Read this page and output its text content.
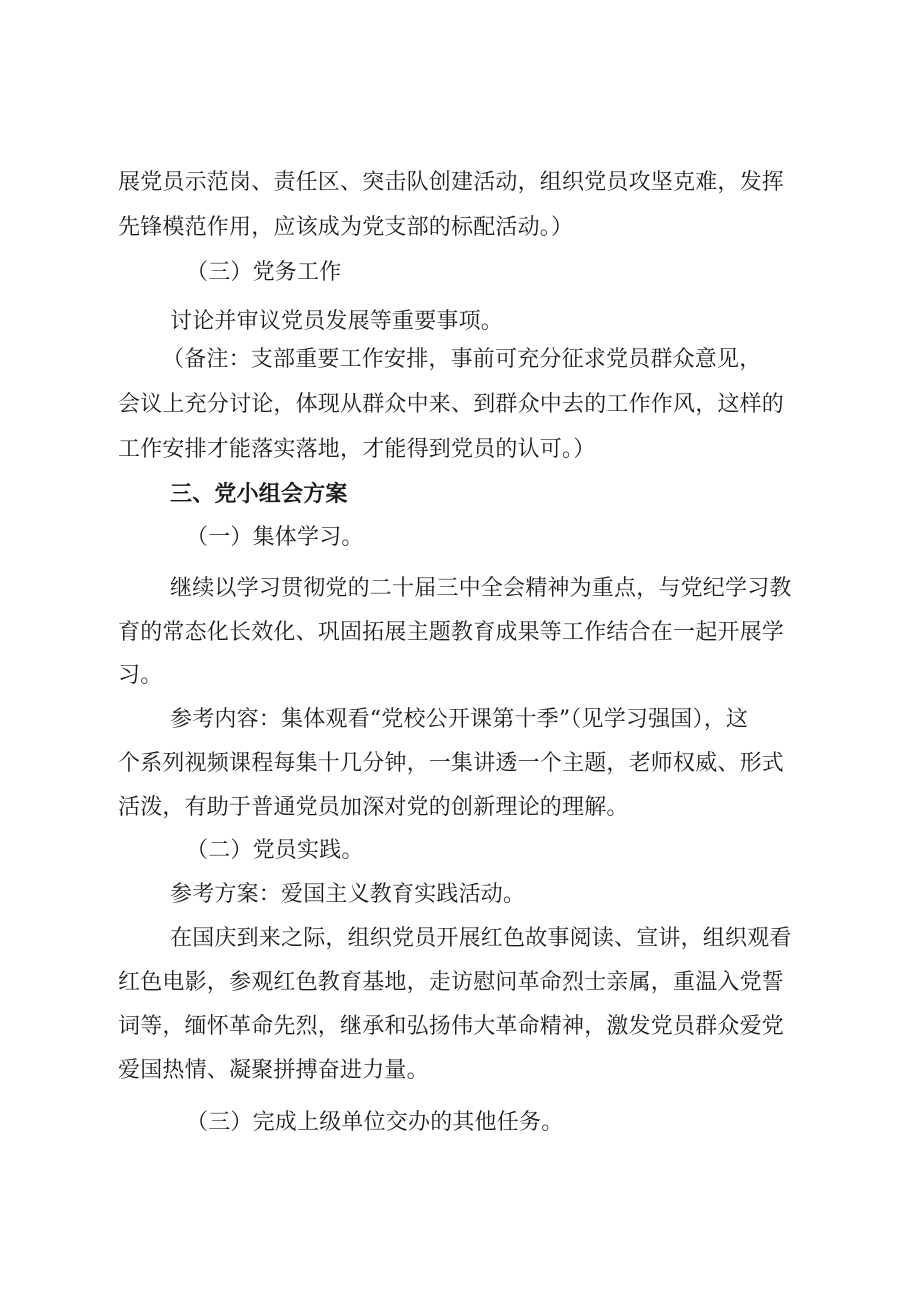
展党员示范岗、责任区、突击队创建活动，组织党员攻坚克难，发挥
先锋模范作用，应该成为党支部的标配活动。）
（三）党务工作
讨论并审议党员发展等重要事项。
（备注：支部重要工作安排，事前可充分征求党员群众意见，
会议上充分讨论，体现从群众中来、到群众中去的工作作风，这样的
工作安排才能落实落地，才能得到党员的认可。）
三、党小组会方案
（一）集体学习。
继续以学习贯彻党的二十届三中全会精神为重点，与党纪学习教
育的常态化长效化、巩固拓展主题教育成果等工作结合在一起开展学
习。
参考内容：集体观看“党校公开课第十季”（见学习强国），这
个系列视频课程每集十几分钟，一集讲透一个主题，老师权威、形式
活泼，有助于普通党员加深对党的创新理论的理解。
（二）党员实践。
参考方案：爱国主义教育实践活动。
在国庆到来之际，组织党员开展红色故事阅读、宣讲，组织观看
红色电影，参观红色教育基地，走访慰问革命烈士亲属，重温入党誓
词等，缅怀革命先烈，继承和弘扬伟大革命精神，激发党员群众爱党
爱国热情、凝聚拼搏奋进力量。
（三）完成上级单位交办的其他任务。
